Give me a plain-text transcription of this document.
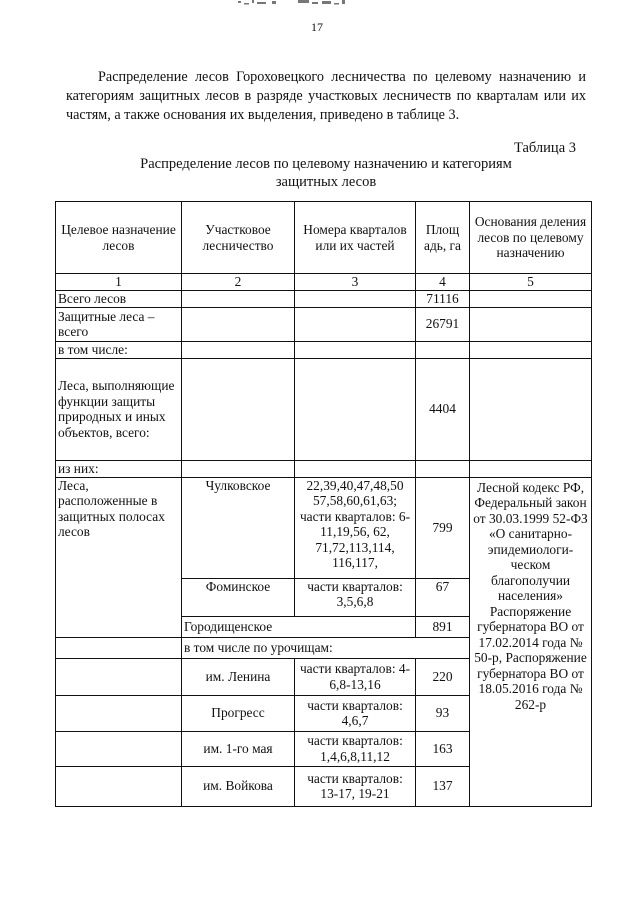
17

Распределение лесов Гороховецкого лесничества по целевому назначению и категориям защитных лесов в разряде участковых лесничеств по кварталам или их частям, а также основания их выделения, приведено в таблице 3.

Таблица 3
Распределение лесов по целевому назначению и категориям
защитных лесов
Целевое назначение лесов	Участковое лесничество	Номера кварталов или их частей	Площ адь, га	Основания деления лесов по целевому назначению
1	2	3	4	5
Всего лесов			71116	
Защитные леса – всего			26791	
в том числе:				
Леса, выполняющие функции защиты природных и иных объектов, всего:			4404	
из них:				
Леса, расположенные в защитных полосах лесов	Чулковское	22,39,40,47,48,50 57,58,60,61,63; части кварталов: 6-11,19,56, 62, 71,72,113,114, 116,117,	799	Лесной кодекс РФ, Федеральный закон от 30.03.1999 52-ФЗ «О санитарно-эпидемиологи-ческом благополучии населения» Распоряжение губернатора ВО от 17.02.2014 года № 50-р, Распоряжение губернатора ВО от 18.05.2016 года № 262-р
	Фоминское	части кварталов: 3,5,6,8	67	
	Городищенское		891	
	в том числе по урочищам:			
	им. Ленина	части кварталов: 4-6,8-13,16	220	
	Прогресс	части кварталов: 4,6,7	93	
	им. 1-го мая	части кварталов: 1,4,6,8,11,12	163	
	им. Войкова	части кварталов: 13-17, 19-21	137	
